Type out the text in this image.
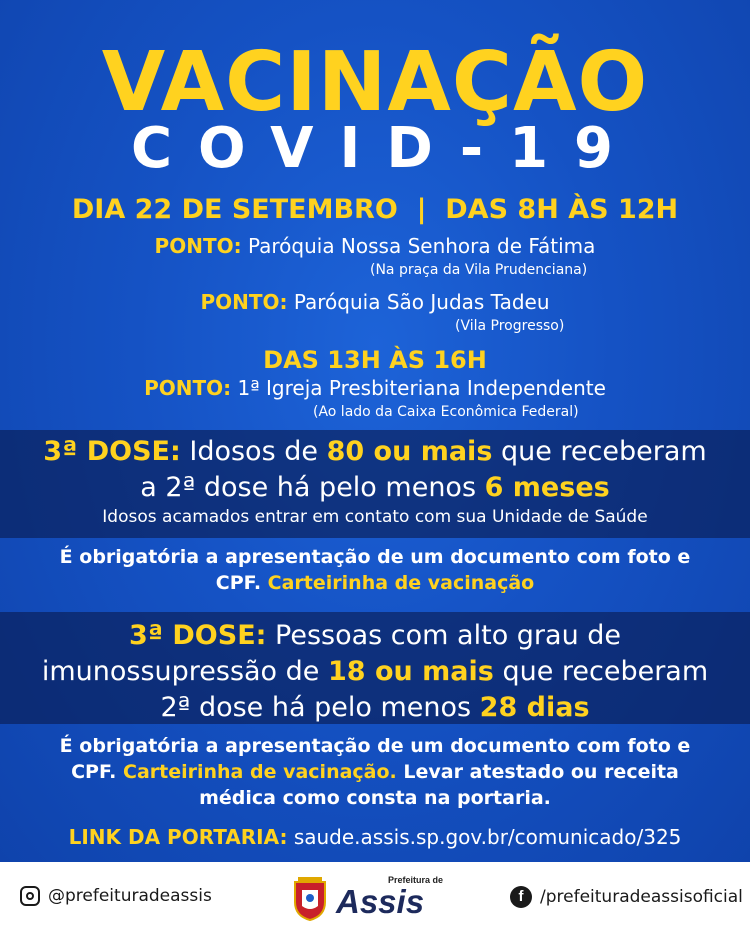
VACINAÇÃO
COVID-19
DIA 22 DE SETEMBRO  |  DAS 8H ÀS 12H
PONTO: Paróquia Nossa Senhora de Fátima
(Na praça da Vila Prudenciana)
PONTO: Paróquia São Judas Tadeu
(Vila Progresso)
DAS 13H ÀS 16H
PONTO: 1ª Igreja Presbiteriana Independente
(Ao lado da Caixa Econômica Federal)
3ª DOSE: Idosos de 80 ou mais que receberam
a 2ª dose há pelo menos 6 meses
Idosos acamados entrar em contato com sua Unidade de Saúde
É obrigatória a apresentação de um documento com foto e
CPF. Carteirinha de vacinação
3ª DOSE: Pessoas com alto grau de
imunossupressão de 18 ou mais que receberam
2ª dose há pelo menos 28 dias
É obrigatória a apresentação de um documento com foto e
CPF. Carteirinha de vacinação. Levar atestado ou receita
médica como consta na portaria.
LINK DA PORTARIA: saude.assis.sp.gov.br/comunicado/325
@prefeituradeassis
Prefeitura de
Assis	f /prefeituradeassisoficial
